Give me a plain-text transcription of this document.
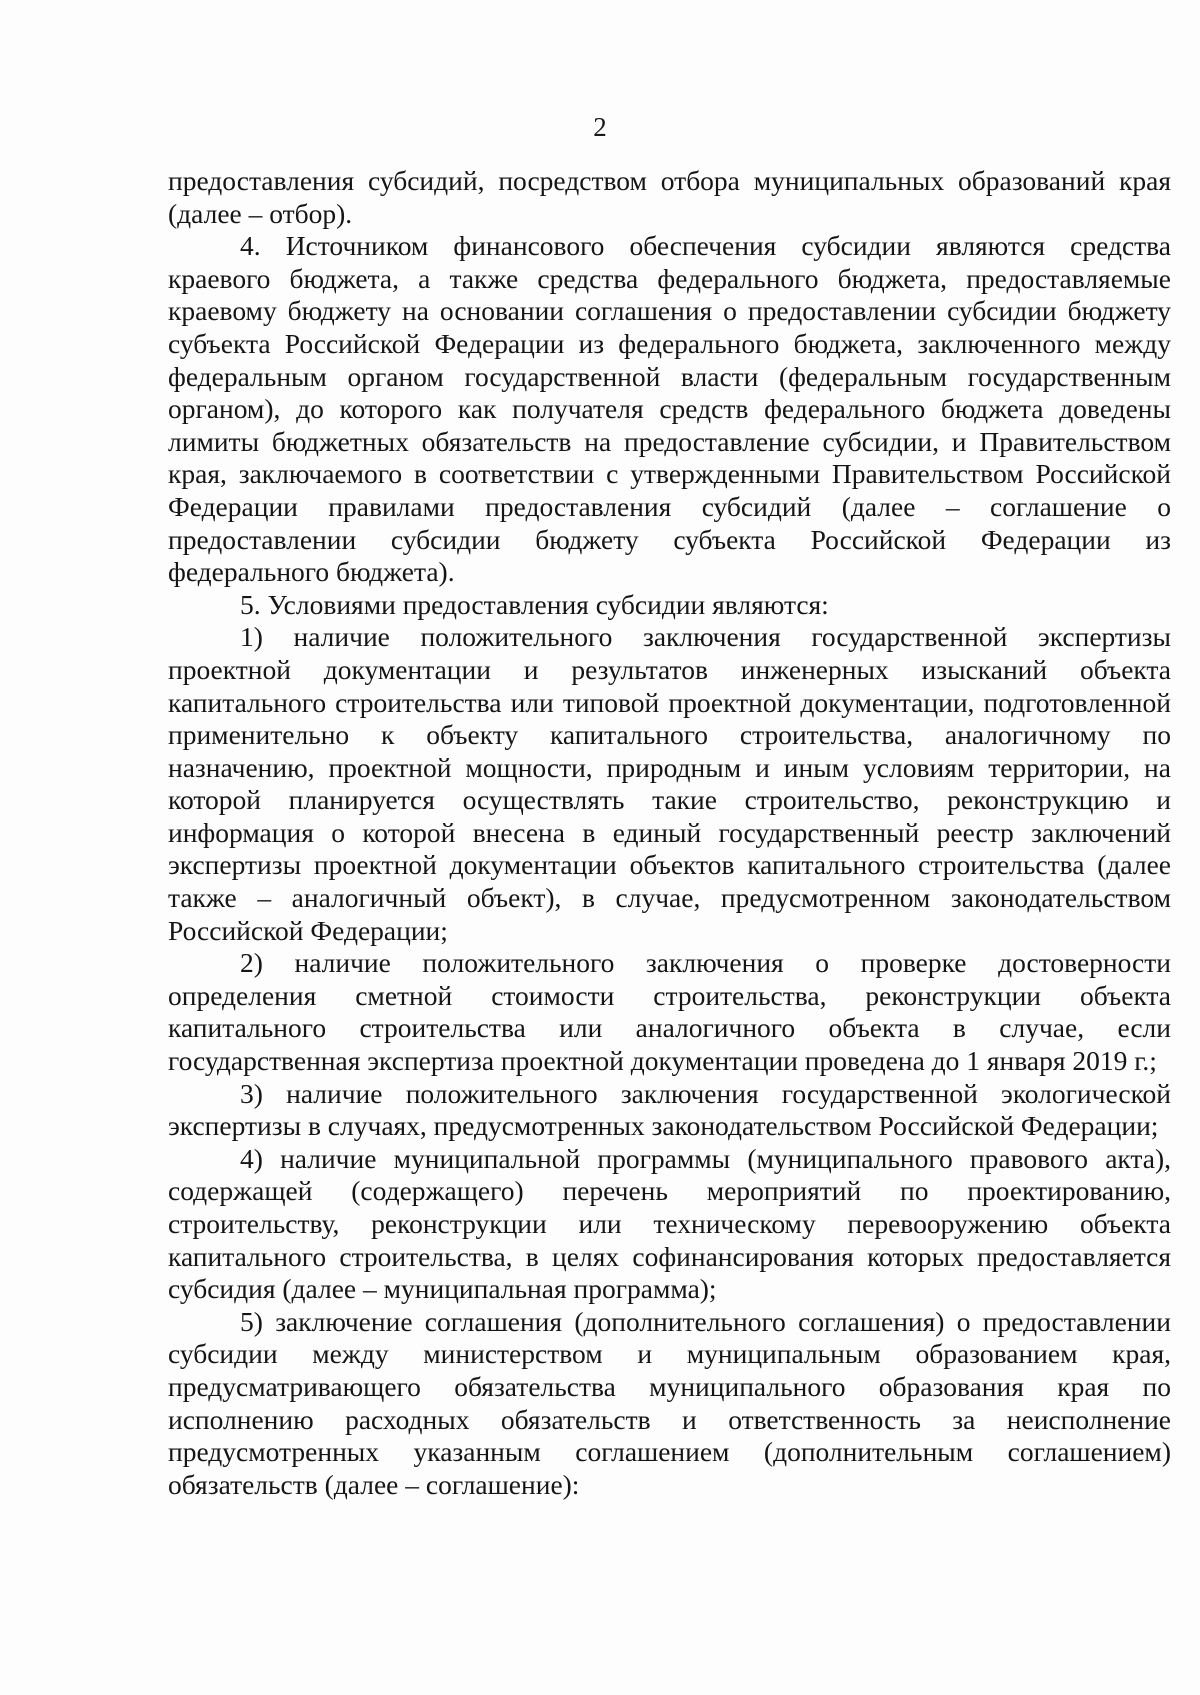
2

предоставления субсидий, посредством отбора муниципальных образований края (далее – отбор).

4. Источником финансового обеспечения субсидии являются средства краевого бюджета, а также средства федерального бюджета, предоставляемые краевому бюджету на основании соглашения о предоставлении субсидии бюджету субъекта Российской Федерации из федерального бюджета, заключенного между федеральным органом государственной власти (федеральным государственным органом), до которого как получателя средств федерального бюджета доведены лимиты бюджетных обязательств на предоставление субсидии, и Правительством края, заключаемого в соответствии с утвержденными Правительством Российской Федерации правилами предоставления субсидий (далее – соглашение о предоставлении субсидии бюджету субъекта Российской Федерации из федерального бюджета).

5. Условиями предоставления субсидии являются:

1) наличие положительного заключения государственной экспертизы проектной документации и результатов инженерных изысканий объекта капитального строительства или типовой проектной документации, подготовленной применительно к объекту капитального строительства, аналогичному по назначению, проектной мощности, природным и иным условиям территории, на которой планируется осуществлять такие строительство, реконструкцию и информация о которой внесена в единый государственный реестр заключений экспертизы проектной документации объектов капитального строительства (далее также – аналогичный объект), в случае, предусмотренном законодательством Российской Федерации;

2) наличие положительного заключения о проверке достоверности определения сметной стоимости строительства, реконструкции объекта капитального строительства или аналогичного объекта в случае, если государственная экспертиза проектной документации проведена до 1 января 2019 г.;

3) наличие положительного заключения государственной экологической экспертизы в случаях, предусмотренных законодательством Российской Федерации;

4) наличие муниципальной программы (муниципального правового акта), содержащей (содержащего) перечень мероприятий по проектированию, строительству, реконструкции или техническому перевооружению объекта капитального строительства, в целях софинансирования которых предоставляется субсидия (далее – муниципальная программа);

5) заключение соглашения (дополнительного соглашения) о предоставлении субсидии между министерством и муниципальным образованием края, предусматривающего обязательства муниципального образования края по исполнению расходных обязательств и ответственность за неисполнение предусмотренных указанным соглашением (дополнительным соглашением) обязательств (далее – соглашение):
